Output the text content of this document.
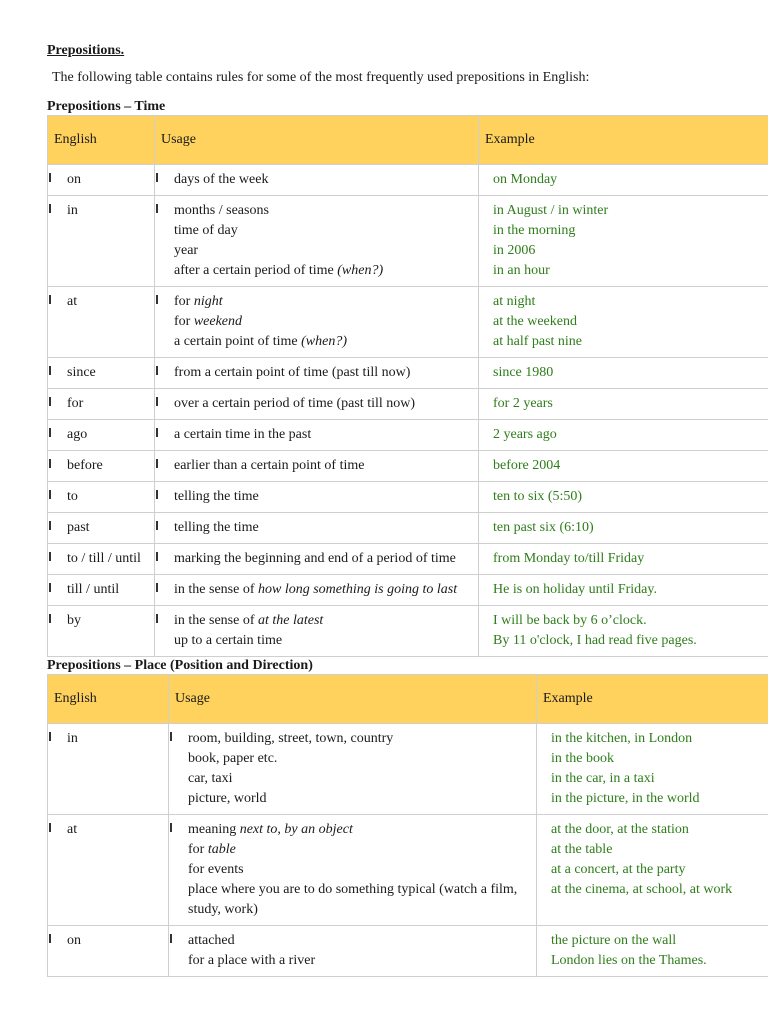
Prepositions.
The following table contains rules for some of the most frequently used prepositions in English:
Prepositions – Time
English	Usage	Example

on	days of the week	on Monday

in	months / seasons
time of day
year
after a certain period of time (when?)	in August / in winter
in the morning
in 2006
in an hour

at	for night
for weekend
a certain point of time (when?)	at night
at the weekend
at half past nine

since	from a certain point of time (past till now)	since 1980

for	over a certain period of time (past till now)	for 2 years

ago	a certain time in the past	2 years ago

before	earlier than a certain point of time	before 2004

to	telling the time	ten to six (5:50)

past	telling the time	ten past six (6:10)

to / till / until	marking the beginning and end of a period of time	from Monday to/till Friday

till / until	in the sense of how long something is going to last	He is on holiday until Friday.

by	in the sense of at the latest
up to a certain time	I will be back by 6 o’clock.
By 11 o'clock, I had read five pages.
Prepositions – Place (Position and Direction)
English	Usage	Example

in	room, building, street, town, country
book, paper etc.
car, taxi
picture, world	in the kitchen, in London
in the book
in the car, in a taxi
in the picture, in the world

at	meaning next to, by an object
for table
for events
place where you are to do something typical (watch a film, study, work)	at the door, at the station
at the table
at a concert, at the party
at the cinema, at school, at work

on	attached
for a place with a river	the picture on the wall
London lies on the Thames.
